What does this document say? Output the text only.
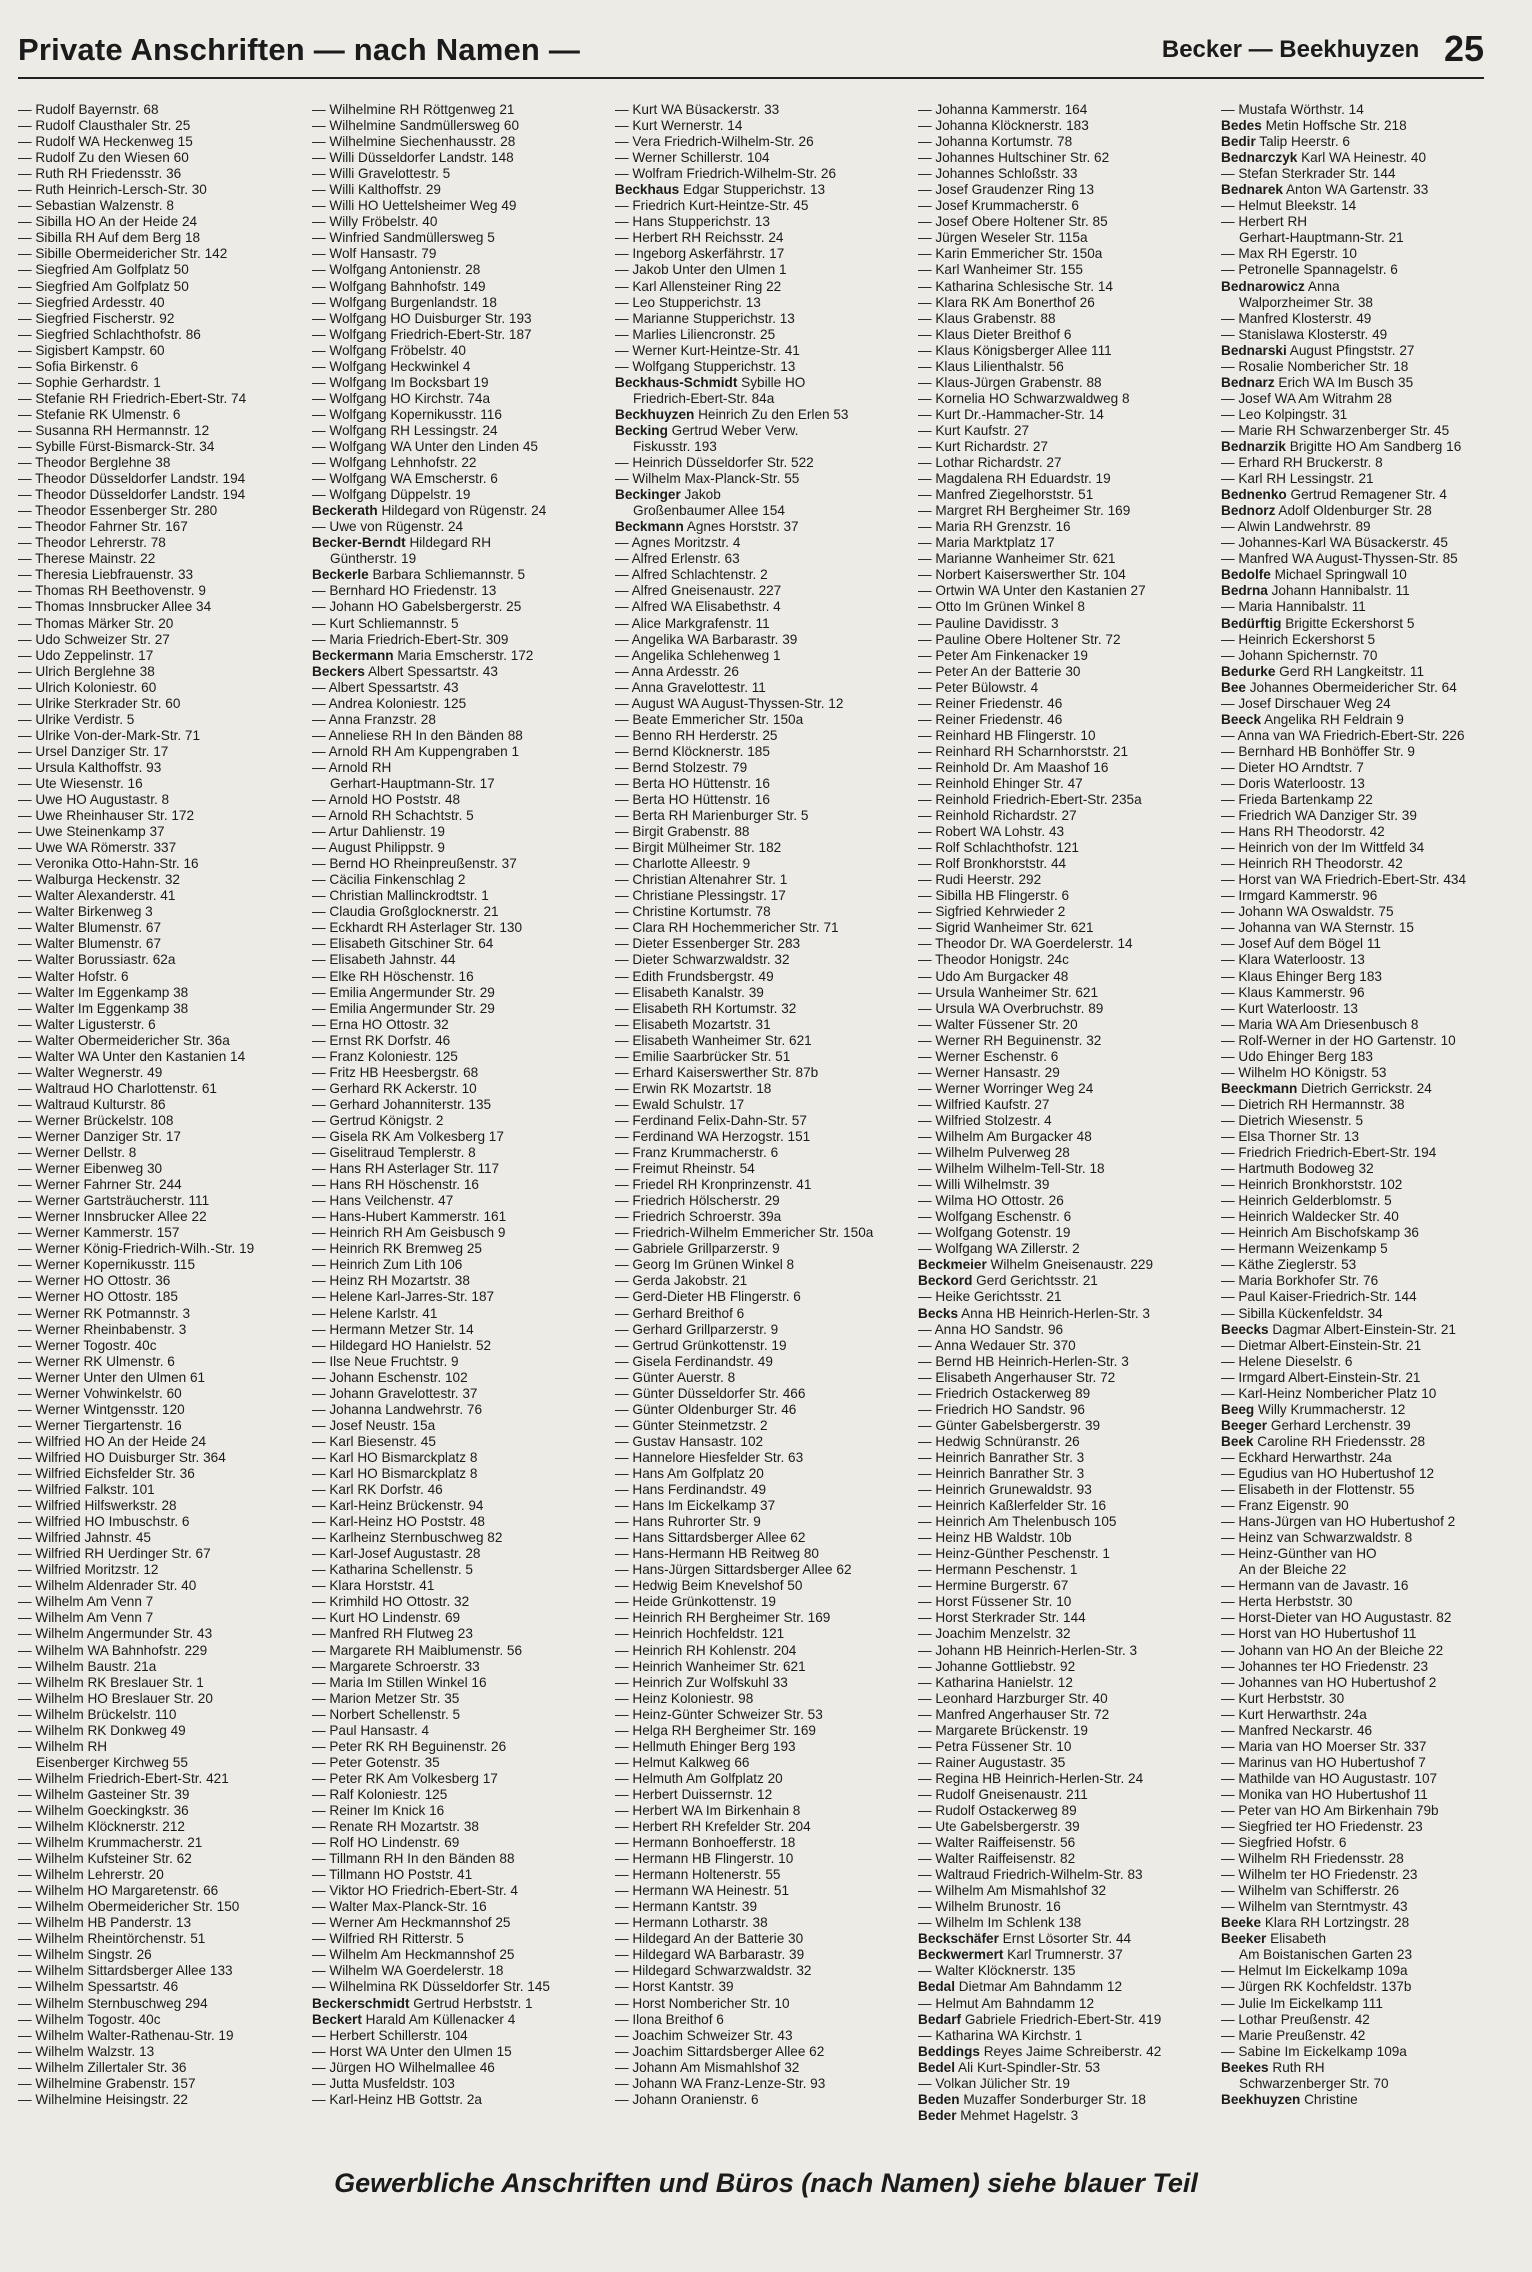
Private Anschriften — nach Namen —	Becker — Beekhuyzen 25
— Rudolf Bayernstr. 68
— Rudolf Clausthaler Str. 25
— Rudolf WA Heckenweg 15
— Rudolf Zu den Wiesen 60
— Ruth RH Friedensstr. 36
— Ruth Heinrich-Lersch-Str. 30
— Sebastian Walzenstr. 8
— Sibilla HO An der Heide 24
— Sibilla RH Auf dem Berg 18
— Sibille Obermeidericher Str. 142
— Siegfried Am Golfplatz 50
— Siegfried Am Golfplatz 50
— Siegfried Ardesstr. 40
— Siegfried Fischerstr. 92
— Siegfried Schlachthofstr. 86
— Sigisbert Kampstr. 60
— Sofia Birkenstr. 6
— Sophie Gerhardstr. 1
— Stefanie RH Friedrich-Ebert-Str. 74
— Stefanie RK Ulmenstr. 6
— Susanna RH Hermannstr. 12
— Sybille Fürst-Bismarck-Str. 34
— Theodor Berglehne 38
— Theodor Düsseldorfer Landstr. 194
— Theodor Düsseldorfer Landstr. 194
— Theodor Essenberger Str. 280
— Theodor Fahrner Str. 167
— Theodor Lehrerstr. 78
— Therese Mainstr. 22
— Theresia Liebfrauenstr. 33
— Thomas RH Beethovenstr. 9
— Thomas Innsbrucker Allee 34
— Thomas Märker Str. 20
— Udo Schweizer Str. 27
— Udo Zeppelinstr. 17
— Ulrich Berglehne 38
— Ulrich Koloniestr. 60
— Ulrike Sterkrader Str. 60
— Ulrike Verdistr. 5
— Ulrike Von-der-Mark-Str. 71
— Ursel Danziger Str. 17
— Ursula Kalthoffstr. 93
— Ute Wiesenstr. 16
— Uwe HO Augustastr. 8
— Uwe Rheinhauser Str. 172
— Uwe Steinenkamp 37
— Uwe WA Römerstr. 337
— Veronika Otto-Hahn-Str. 16
— Walburga Heckenstr. 32
— Walter Alexanderstr. 41
— Walter Birkenweg 3
— Walter Blumenstr. 67
— Walter Blumenstr. 67
— Walter Borussiastr. 62a
— Walter Hofstr. 6
— Walter Im Eggenkamp 38
— Walter Im Eggenkamp 38
— Walter Ligusterstr. 6
— Walter Obermeidericher Str. 36a
— Walter WA Unter den Kastanien 14
— Walter Wegnerstr. 49
— Waltraud HO Charlottenstr. 61
— Waltraud Kulturstr. 86
— Werner Brückelstr. 108
— Werner Danziger Str. 17
— Werner Dellstr. 8
— Werner Eibenweg 30
— Werner Fahrner Str. 244
— Werner Gartsträucherstr. 111
— Werner Innsbrucker Allee 22
— Werner Kammerstr. 157
— Werner König-Friedrich-Wilh.-Str. 19
— Werner Kopernikusstr. 115
— Werner HO Ottostr. 36
— Werner HO Ottostr. 185
— Werner RK Potmannstr. 3
— Werner Rheinbabenstr. 3
— Werner Togostr. 40c
— Werner RK Ulmenstr. 6
— Werner Unter den Ulmen 61
— Werner Vohwinkelstr. 60
— Werner Wintgensstr. 120
— Werner Tiergartenstr. 16
— Wilfried HO An der Heide 24
— Wilfried HO Duisburger Str. 364
— Wilfried Eichsfelder Str. 36
— Wilfried Falkstr. 101
— Wilfried Hilfswerkstr. 28
— Wilfried HO Imbuschstr. 6
— Wilfried Jahnstr. 45
— Wilfried RH Uerdinger Str. 67
— Wilfried Moritzstr. 12
— Wilhelm Aldenrader Str. 40
— Wilhelm Am Venn 7
— Wilhelm Am Venn 7
— Wilhelm Angermunder Str. 43
— Wilhelm WA Bahnhofstr. 229
— Wilhelm Baustr. 21a
— Wilhelm RK Breslauer Str. 1
— Wilhelm HO Breslauer Str. 20
— Wilhelm Brückelstr. 110
— Wilhelm RK Donkweg 49
— Wilhelm RH
Eisenberger Kirchweg 55
— Wilhelm Friedrich-Ebert-Str. 421
— Wilhelm Gasteiner Str. 39
— Wilhelm Goeckingkstr. 36
— Wilhelm Klöcknerstr. 212
— Wilhelm Krummacherstr. 21
— Wilhelm Kufsteiner Str. 62
— Wilhelm Lehrerstr. 20
— Wilhelm HO Margaretenstr. 66
— Wilhelm Obermeidericher Str. 150
— Wilhelm HB Panderstr. 13
— Wilhelm Rheintörchenstr. 51
— Wilhelm Singstr. 26
— Wilhelm Sittardsberger Allee 133
— Wilhelm Spessartstr. 46
— Wilhelm Sternbuschweg 294
— Wilhelm Togostr. 40c
— Wilhelm Walter-Rathenau-Str. 19
— Wilhelm Walzstr. 13
— Wilhelm Zillertaler Str. 36
— Wilhelmine Grabenstr. 157
— Wilhelmine Heisingstr. 22
— Wilhelmine RH Röttgenweg 21
— Wilhelmine Sandmüllersweg 60
— Wilhelmine Siechenhausstr. 28
— Willi Düsseldorfer Landstr. 148
— Willi Gravelottestr. 5
— Willi Kalthoffstr. 29
— Willi HO Uettelsheimer Weg 49
— Willy Fröbelstr. 40
— Winfried Sandmüllersweg 5
— Wolf Hansastr. 79
— Wolfgang Antonienstr. 28
— Wolfgang Bahnhofstr. 149
— Wolfgang Burgenlandstr. 18
— Wolfgang HO Duisburger Str. 193
— Wolfgang Friedrich-Ebert-Str. 187
— Wolfgang Fröbelstr. 40
— Wolfgang Heckwinkel 4
— Wolfgang Im Bocksbart 19
— Wolfgang HO Kirchstr. 74a
— Wolfgang Kopernikusstr. 116
— Wolfgang RH Lessingstr. 24
— Wolfgang WA Unter den Linden 45
— Wolfgang Lehnhofstr. 22
— Wolfgang WA Emscherstr. 6
— Wolfgang Düppelstr. 19
Beckerath Hildegard von Rügenstr. 24
— Uwe von Rügenstr. 24
Becker-Berndt Hildegard RH
Güntherstr. 19
Beckerle Barbara Schliemannstr. 5
— Bernhard HO Friedenstr. 13
— Johann HO Gabelsbergerstr. 25
— Kurt Schliemannstr. 5
— Maria Friedrich-Ebert-Str. 309
Beckermann Maria Emscherstr. 172
Beckers Albert Spessartstr. 43
— Albert Spessartstr. 43
— Andrea Koloniestr. 125
— Anna Franzstr. 28
— Anneliese RH In den Bänden 88
— Arnold RH Am Kuppengraben 1
— Arnold RH
Gerhart-Hauptmann-Str. 17
— Arnold HO Poststr. 48
— Arnold RH Schachtstr. 5
— Artur Dahlienstr. 19
— August Philippstr. 9
— Bernd HO Rheinpreußenstr. 37
— Cäcilia Finkenschlag 2
— Christian Mallinckrodtstr. 1
— Claudia Großglocknerstr. 21
— Eckhardt RH Asterlager Str. 130
— Elisabeth Gitschiner Str. 64
— Elisabeth Jahnstr. 44
— Elke RH Höschenstr. 16
— Emilia Angermunder Str. 29
— Emilia Angermunder Str. 29
— Erna HO Ottostr. 32
— Ernst RK Dorfstr. 46
— Franz Koloniestr. 125
— Fritz HB Heesbergstr. 68
— Gerhard RK Ackerstr. 10
— Gerhard Johanniterstr. 135
— Gertrud Königstr. 2
— Gisela RK Am Volkesberg 17
— Giselitraud Templerstr. 8
— Hans RH Asterlager Str. 117
— Hans RH Höschenstr. 16
— Hans Veilchenstr. 47
— Hans-Hubert Kammerstr. 161
— Heinrich RH Am Geisbusch 9
— Heinrich RK Bremweg 25
— Heinrich Zum Lith 106
— Heinz RH Mozartstr. 38
— Helene Karl-Jarres-Str. 187
— Helene Karlstr. 41
— Hermann Metzer Str. 14
— Hildegard HO Hanielstr. 52
— Ilse Neue Fruchtstr. 9
— Johann Eschenstr. 102
— Johann Gravelottestr. 37
— Johanna Landwehrstr. 76
— Josef Neustr. 15a
— Karl Biesenstr. 45
— Karl HO Bismarckplatz 8
— Karl HO Bismarckplatz 8
— Karl RK Dorfstr. 46
— Karl-Heinz Brückenstr. 94
— Karl-Heinz HO Poststr. 48
— Karlheinz Sternbuschweg 82
— Karl-Josef Augustastr. 28
— Katharina Schellenstr. 5
— Klara Horststr. 41
— Krimhild HO Ottostr. 32
— Kurt HO Lindenstr. 69
— Manfred RH Flutweg 23
— Margarete RH Maiblumenstr. 56
— Margarete Schroerstr. 33
— Maria Im Stillen Winkel 16
— Marion Metzer Str. 35
— Norbert Schellenstr. 5
— Paul Hansastr. 4
— Peter RK RH Beguinenstr. 26
— Peter Gotenstr. 35
— Peter RK Am Volkesberg 17
— Ralf Koloniestr. 125
— Reiner Im Knick 16
— Renate RH Mozartstr. 38
— Rolf HO Lindenstr. 69
— Tillmann RH In den Bänden 88
— Tillmann HO Poststr. 41
— Viktor HO Friedrich-Ebert-Str. 4
— Walter Max-Planck-Str. 16
— Werner Am Heckmannshof 25
— Wilfried RH Ritterstr. 5
— Wilhelm Am Heckmannshof 25
— Wilhelm WA Goerdelerstr. 18
— Wilhelmina RK Düsseldorfer Str. 145
Beckerschmidt Gertrud Herbststr. 1
Beckert Harald Am Küllenacker 4
— Herbert Schillerstr. 104
— Horst WA Unter den Ulmen 15
— Jürgen HO Wilhelmallee 46
— Jutta Musfeldstr. 103
— Karl-Heinz HB Gottstr. 2a
— Kurt WA Büsackerstr. 33
— Kurt Wernerstr. 14
— Vera Friedrich-Wilhelm-Str. 26
— Werner Schillerstr. 104
— Wolfram Friedrich-Wilhelm-Str. 26
Beckhaus Edgar Stupperichstr. 13
— Friedrich Kurt-Heintze-Str. 45
— Hans Stupperichstr. 13
— Herbert RH Reichsstr. 24
— Ingeborg Askerfährstr. 17
— Jakob Unter den Ulmen 1
— Karl Allensteiner Ring 22
— Leo Stupperichstr. 13
— Marianne Stupperichstr. 13
— Marlies Liliencronstr. 25
— Werner Kurt-Heintze-Str. 41
— Wolfgang Stupperichstr. 13
Beckhaus-Schmidt Sybille HO
Friedrich-Ebert-Str. 84a
Beckhuyzen Heinrich Zu den Erlen 53
Becking Gertrud Weber Verw.
Fiskusstr. 193
— Heinrich Düsseldorfer Str. 522
— Wilhelm Max-Planck-Str. 55
Beckinger Jakob
Großenbaumer Allee 154
Beckmann Agnes Horststr. 37
— Agnes Moritzstr. 4
— Alfred Erlenstr. 63
— Alfred Schlachtenstr. 2
— Alfred Gneisenaustr. 227
— Alfred WA Elisabethstr. 4
— Alice Markgrafenstr. 11
— Angelika WA Barbarastr. 39
— Angelika Schlehenweg 1
— Anna Ardesstr. 26
— Anna Gravelottestr. 11
— August WA August-Thyssen-Str. 12
— Beate Emmericher Str. 150a
— Benno RH Herderstr. 25
— Bernd Klöcknerstr. 185
— Bernd Stolzestr. 79
— Berta HO Hüttenstr. 16
— Berta HO Hüttenstr. 16
— Berta RH Marienburger Str. 5
— Birgit Grabenstr. 88
— Birgit Mülheimer Str. 182
— Charlotte Alleestr. 9
— Christian Altenahrer Str. 1
— Christiane Plessingstr. 17
— Christine Kortumstr. 78
— Clara RH Hochemmericher Str. 71
— Dieter Essenberger Str. 283
— Dieter Schwarzwaldstr. 32
— Edith Frundsbergstr. 49
— Elisabeth Kanalstr. 39
— Elisabeth RH Kortumstr. 32
— Elisabeth Mozartstr. 31
— Elisabeth Wanheimer Str. 621
— Emilie Saarbrücker Str. 51
— Erhard Kaiserswerther Str. 87b
— Erwin RK Mozartstr. 18
— Ewald Schulstr. 17
— Ferdinand Felix-Dahn-Str. 57
— Ferdinand WA Herzogstr. 151
— Franz Krummacherstr. 6
— Freimut Rheinstr. 54
— Friedel RH Kronprinzenstr. 41
— Friedrich Hölscherstr. 29
— Friedrich Schroerstr. 39a
— Friedrich-Wilhelm Emmericher Str. 150a
— Gabriele Grillparzerstr. 9
— Georg Im Grünen Winkel 8
— Gerda Jakobstr. 21
— Gerd-Dieter HB Flingerstr. 6
— Gerhard Breithof 6
— Gerhard Grillparzerstr. 9
— Gertrud Grünkottenstr. 19
— Gisela Ferdinandstr. 49
— Günter Auerstr. 8
— Günter Düsseldorfer Str. 466
— Günter Oldenburger Str. 46
— Günter Steinmetzstr. 2
— Gustav Hansastr. 102
— Hannelore Hiesfelder Str. 63
— Hans Am Golfplatz 20
— Hans Ferdinandstr. 49
— Hans Im Eickelkamp 37
— Hans Ruhrorter Str. 9
— Hans Sittardsberger Allee 62
— Hans-Hermann HB Reitweg 80
— Hans-Jürgen Sittardsberger Allee 62
— Hedwig Beim Knevelshof 50
— Heide Grünkottenstr. 19
— Heinrich RH Bergheimer Str. 169
— Heinrich Hochfeldstr. 121
— Heinrich RH Kohlenstr. 204
— Heinrich Wanheimer Str. 621
— Heinrich Zur Wolfskuhl 33
— Heinz Koloniestr. 98
— Heinz-Günter Schweizer Str. 53
— Helga RH Bergheimer Str. 169
— Hellmuth Ehinger Berg 193
— Helmut Kalkweg 66
— Helmuth Am Golfplatz 20
— Herbert Duissernstr. 12
— Herbert WA Im Birkenhain 8
— Herbert RH Krefelder Str. 204
— Hermann Bonhoefferstr. 18
— Hermann HB Flingerstr. 10
— Hermann Holtenerstr. 55
— Hermann WA Heinestr. 51
— Hermann Kantstr. 39
— Hermann Lotharstr. 38
— Hildegard An der Batterie 30
— Hildegard WA Barbarastr. 39
— Hildegard Schwarzwaldstr. 32
— Horst Kantstr. 39
— Horst Nombericher Str. 10
— Ilona Breithof 6
— Joachim Schweizer Str. 43
— Joachim Sittardsberger Allee 62
— Johann Am Mismahlshof 32
— Johann WA Franz-Lenze-Str. 93
— Johann Oranienstr. 6
— Johanna Kammerstr. 164
— Johanna Klöcknerstr. 183
— Johanna Kortumstr. 78
— Johannes Hultschiner Str. 62
— Johannes Schloßstr. 33
— Josef Graudenzer Ring 13
— Josef Krummacherstr. 6
— Josef Obere Holtener Str. 85
— Jürgen Weseler Str. 115a
— Karin Emmericher Str. 150a
— Karl Wanheimer Str. 155
— Katharina Schlesische Str. 14
— Klara RK Am Bonerthof 26
— Klaus Grabenstr. 88
— Klaus Dieter Breithof 6
— Klaus Königsberger Allee 111
— Klaus Lilienthalstr. 56
— Klaus-Jürgen Grabenstr. 88
— Kornelia HO Schwarzwaldweg 8
— Kurt Dr.-Hammacher-Str. 14
— Kurt Kaufstr. 27
— Kurt Richardstr. 27
— Lothar Richardstr. 27
— Magdalena RH Eduardstr. 19
— Manfred Ziegelhorststr. 51
— Margret RH Bergheimer Str. 169
— Maria RH Grenzstr. 16
— Maria Marktplatz 17
— Marianne Wanheimer Str. 621
— Norbert Kaiserswerther Str. 104
— Ortwin WA Unter den Kastanien 27
— Otto Im Grünen Winkel 8
— Pauline Davidisstr. 3
— Pauline Obere Holtener Str. 72
— Peter Am Finkenacker 19
— Peter An der Batterie 30
— Peter Bülowstr. 4
— Reiner Friedenstr. 46
— Reiner Friedenstr. 46
— Reinhard HB Flingerstr. 10
— Reinhard RH Scharnhorststr. 21
— Reinhold Dr. Am Maashof 16
— Reinhold Ehinger Str. 47
— Reinhold Friedrich-Ebert-Str. 235a
— Reinhold Richardstr. 27
— Robert WA Lohstr. 43
— Rolf Schlachthofstr. 121
— Rolf Bronkhorststr. 44
— Rudi Heerstr. 292
— Sibilla HB Flingerstr. 6
— Sigfried Kehrwieder 2
— Sigrid Wanheimer Str. 621
— Theodor Dr. WA Goerdelerstr. 14
— Theodor Honigstr. 24c
— Udo Am Burgacker 48
— Ursula Wanheimer Str. 621
— Ursula WA Overbruchstr. 89
— Walter Füssener Str. 20
— Werner RH Beguinenstr. 32
— Werner Eschenstr. 6
— Werner Hansastr. 29
— Werner Worringer Weg 24
— Wilfried Kaufstr. 27
— Wilfried Stolzestr. 4
— Wilhelm Am Burgacker 48
— Wilhelm Pulverweg 28
— Wilhelm Wilhelm-Tell-Str. 18
— Willi Wilhelmstr. 39
— Wilma HO Ottostr. 26
— Wolfgang Eschenstr. 6
— Wolfgang Gotenstr. 19
— Wolfgang WA Zillerstr. 2
Beckmeier Wilhelm Gneisenaustr. 229
Beckord Gerd Gerichtsstr. 21
— Heike Gerichtsstr. 21
Becks Anna HB Heinrich-Herlen-Str. 3
— Anna HO Sandstr. 96
— Anna Wedauer Str. 370
— Bernd HB Heinrich-Herlen-Str. 3
— Elisabeth Angerhauser Str. 72
— Friedrich Ostackerweg 89
— Friedrich HO Sandstr. 96
— Günter Gabelsbergerstr. 39
— Hedwig Schnüranstr. 26
— Heinrich Banrather Str. 3
— Heinrich Banrather Str. 3
— Heinrich Grunewaldstr. 93
— Heinrich Kaßlerfelder Str. 16
— Heinrich Am Thelenbusch 105
— Heinz HB Waldstr. 10b
— Heinz-Günther Peschenstr. 1
— Hermann Peschenstr. 1
— Hermine Burgerstr. 67
— Horst Füssener Str. 10
— Horst Sterkrader Str. 144
— Joachim Menzelstr. 32
— Johann HB Heinrich-Herlen-Str. 3
— Johanne Gottliebstr. 92
— Katharina Hanielstr. 12
— Leonhard Harzburger Str. 40
— Manfred Angerhauser Str. 72
— Margarete Brückenstr. 19
— Petra Füssener Str. 10
— Rainer Augustastr. 35
— Regina HB Heinrich-Herlen-Str. 24
— Rudolf Gneisenaustr. 211
— Rudolf Ostackerweg 89
— Ute Gabelsbergerstr. 39
— Walter Raiffeisenstr. 56
— Walter Raiffeisenstr. 82
— Waltraud Friedrich-Wilhelm-Str. 83
— Wilhelm Am Mismahlshof 32
— Wilhelm Brunostr. 16
— Wilhelm Im Schlenk 138
Beckschäfer Ernst Lösorter Str. 44
Beckwermert Karl Trumnerstr. 37
— Walter Klöcknerstr. 135
Bedal Dietmar Am Bahndamm 12
— Helmut Am Bahndamm 12
Bedarf Gabriele Friedrich-Ebert-Str. 419
— Katharina WA Kirchstr. 1
Beddings Reyes Jaime Schreiberstr. 42
Bedel Ali Kurt-Spindler-Str. 53
— Volkan Jülicher Str. 19
Beden Muzaffer Sonderburger Str. 18
Beder Mehmet Hagelstr. 3
— Mustafa Wörthstr. 14
Bedes Metin Hoffsche Str. 218
Bedir Talip Heerstr. 6
Bednarczyk Karl WA Heinestr. 40
— Stefan Sterkrader Str. 144
Bednarek Anton WA Gartenstr. 33
— Helmut Bleekstr. 14
— Herbert RH
Gerhart-Hauptmann-Str. 21
— Max RH Egerstr. 10
— Petronelle Spannagelstr. 6
Bednarowicz Anna
Walporzheimer Str. 38
— Manfred Klosterstr. 49
— Stanislawa Klosterstr. 49
Bednarski August Pfingststr. 27
— Rosalie Nombericher Str. 18
Bednarz Erich WA Im Busch 35
— Josef WA Am Witrahm 28
— Leo Kolpingstr. 31
— Marie RH Schwarzenberger Str. 45
Bednarzik Brigitte HO Am Sandberg 16
— Erhard RH Bruckerstr. 8
— Karl RH Lessingstr. 21
Bednenko Gertrud Remagener Str. 4
Bednorz Adolf Oldenburger Str. 28
— Alwin Landwehrstr. 89
— Johannes-Karl WA Büsackerstr. 45
— Manfred WA August-Thyssen-Str. 85
Bedolfe Michael Springwall 10
Bedrna Johann Hannibalstr. 11
— Maria Hannibalstr. 11
Bedürftig Brigitte Eckershorst 5
— Heinrich Eckershorst 5
— Johann Spichernstr. 70
Bedurke Gerd RH Langkeitstr. 11
Bee Johannes Obermeidericher Str. 64
— Josef Dirschauer Weg 24
Beeck Angelika RH Feldrain 9
— Anna van WA Friedrich-Ebert-Str. 226
— Bernhard HB Bonhöffer Str. 9
— Dieter HO Arndtstr. 7
— Doris Waterloostr. 13
— Frieda Bartenkamp 22
— Friedrich WA Danziger Str. 39
— Hans RH Theodorstr. 42
— Heinrich von der Im Wittfeld 34
— Heinrich RH Theodorstr. 42
— Horst van WA Friedrich-Ebert-Str. 434
— Irmgard Kammerstr. 96
— Johann WA Oswaldstr. 75
— Johanna van WA Sternstr. 15
— Josef Auf dem Bögel 11
— Klara Waterloostr. 13
— Klaus Ehinger Berg 183
— Klaus Kammerstr. 96
— Kurt Waterloostr. 13
— Maria WA Am Driesenbusch 8
— Rolf-Werner in der HO Gartenstr. 10
— Udo Ehinger Berg 183
— Wilhelm HO Königstr. 53
Beeckmann Dietrich Gerrickstr. 24
— Dietrich RH Hermannstr. 38
— Dietrich Wiesenstr. 5
— Elsa Thorner Str. 13
— Friedrich Friedrich-Ebert-Str. 194
— Hartmuth Bodoweg 32
— Heinrich Bronkhorststr. 102
— Heinrich Gelderblomstr. 5
— Heinrich Waldecker Str. 40
— Heinrich Am Bischofskamp 36
— Hermann Weizenkamp 5
— Käthe Zieglerstr. 53
— Maria Borkhofer Str. 76
— Paul Kaiser-Friedrich-Str. 144
— Sibilla Kückenfeldstr. 34
Beecks Dagmar Albert-Einstein-Str. 21
— Dietmar Albert-Einstein-Str. 21
— Helene Dieselstr. 6
— Irmgard Albert-Einstein-Str. 21
— Karl-Heinz Nombericher Platz 10
Beeg Willy Krummacherstr. 12
Beeger Gerhard Lerchenstr. 39
Beek Caroline RH Friedensstr. 28
— Eckhard Herwarthstr. 24a
— Egudius van HO Hubertushof 12
— Elisabeth in der Flottenstr. 55
— Franz Eigenstr. 90
— Hans-Jürgen van HO Hubertushof 2
— Heinz van Schwarzwaldstr. 8
— Heinz-Günther van HO
An der Bleiche 22
— Hermann van de Javastr. 16
— Herta Herbststr. 30
— Horst-Dieter van HO Augustastr. 82
— Horst van HO Hubertushof 11
— Johann van HO An der Bleiche 22
— Johannes ter HO Friedenstr. 23
— Johannes van HO Hubertushof 2
— Kurt Herbststr. 30
— Kurt Herwarthstr. 24a
— Manfred Neckarstr. 46
— Maria van HO Moerser Str. 337
— Marinus van HO Hubertushof 7
— Mathilde van HO Augustastr. 107
— Monika van HO Hubertushof 11
— Peter van HO Am Birkenhain 79b
— Siegfried ter HO Friedenstr. 23
— Siegfried Hofstr. 6
— Wilhelm RH Friedensstr. 28
— Wilhelm ter HO Friedenstr. 23
— Wilhelm van Schifferstr. 26
— Wilhelm van Sterntmystr. 43
Beeke Klara RH Lortzingstr. 28
Beeker Elisabeth
Am Boistanischen Garten 23
— Helmut Im Eickelkamp 109a
— Jürgen RK Kochfeldstr. 137b
— Julie Im Eickelkamp 111
— Lothar Preußenstr. 42
— Marie Preußenstr. 42
— Sabine Im Eickelkamp 109a
Beekes Ruth RH
Schwarzenberger Str. 70
Beekhuyzen Christine
Gewerbliche Anschriften und Büros (nach Namen) siehe blauer Teil
